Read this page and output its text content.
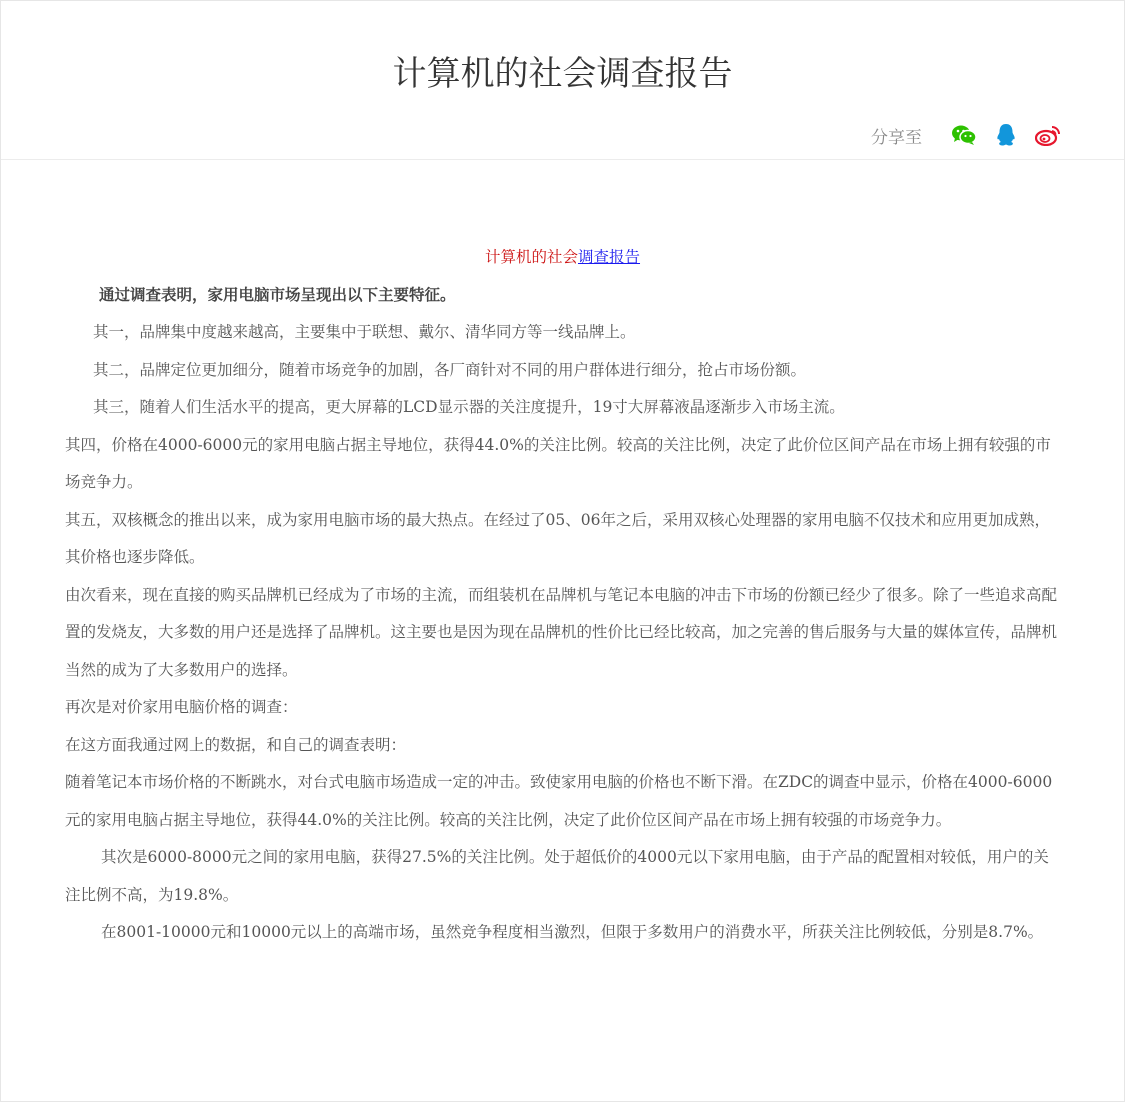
计算机的社会调查报告
分享至

计算机的社会调查报告

通过调查表明，家用电脑市场呈现出以下主要特征。

其一，品牌集中度越来越高，主要集中于联想、戴尔、清华同方等一线品牌上。

其二，品牌定位更加细分，随着市场竞争的加剧，各厂商针对不同的用户群体进行细分，抢占市场份额。

其三，随着人们生活水平的提高，更大屏幕的LCD显示器的关注度提升，19寸大屏幕液晶逐渐步入市场主流。

其四，价格在4000-6000元的家用电脑占据主导地位，获得44.0%的关注比例。较高的关注比例，决定了此价位区间产品在市场上拥有较强的市场竞争力。

其五，双核概念的推出以来，成为家用电脑市场的最大热点。在经过了05、06年之后，采用双核心处理器的家用电脑不仅技术和应用更加成熟，其价格也逐步降低。

由次看来，现在直接的购买品牌机已经成为了市场的主流，而组装机在品牌机与笔记本电脑的冲击下市场的份额已经少了很多。除了一些追求高配置的发烧友，大多数的用户还是选择了品牌机。这主要也是因为现在品牌机的性价比已经比较高，加之完善的售后服务与大量的媒体宣传，品牌机当然的成为了大多数用户的选择。

再次是对价家用电脑价格的调查：

在这方面我通过网上的数据，和自己的调查表明：

随着笔记本市场价格的不断跳水，对台式电脑市场造成一定的冲击。致使家用电脑的价格也不断下滑。在ZDC的调查中显示，价格在4000-6000元的家用电脑占据主导地位，获得44.0%的关注比例。较高的关注比例，决定了此价位区间产品在市场上拥有较强的市场竞争力。

其次是6000-8000元之间的家用电脑，获得27.5%的关注比例。处于超低价的4000元以下家用电脑，由于产品的配置相对较低，用户的关注比例不高，为19.8%。

在8001-10000元和10000元以上的高端市场，虽然竞争程度相当激烈，但限于多数用户的消费水平，所获关注比例较低，分别是8.7%。
